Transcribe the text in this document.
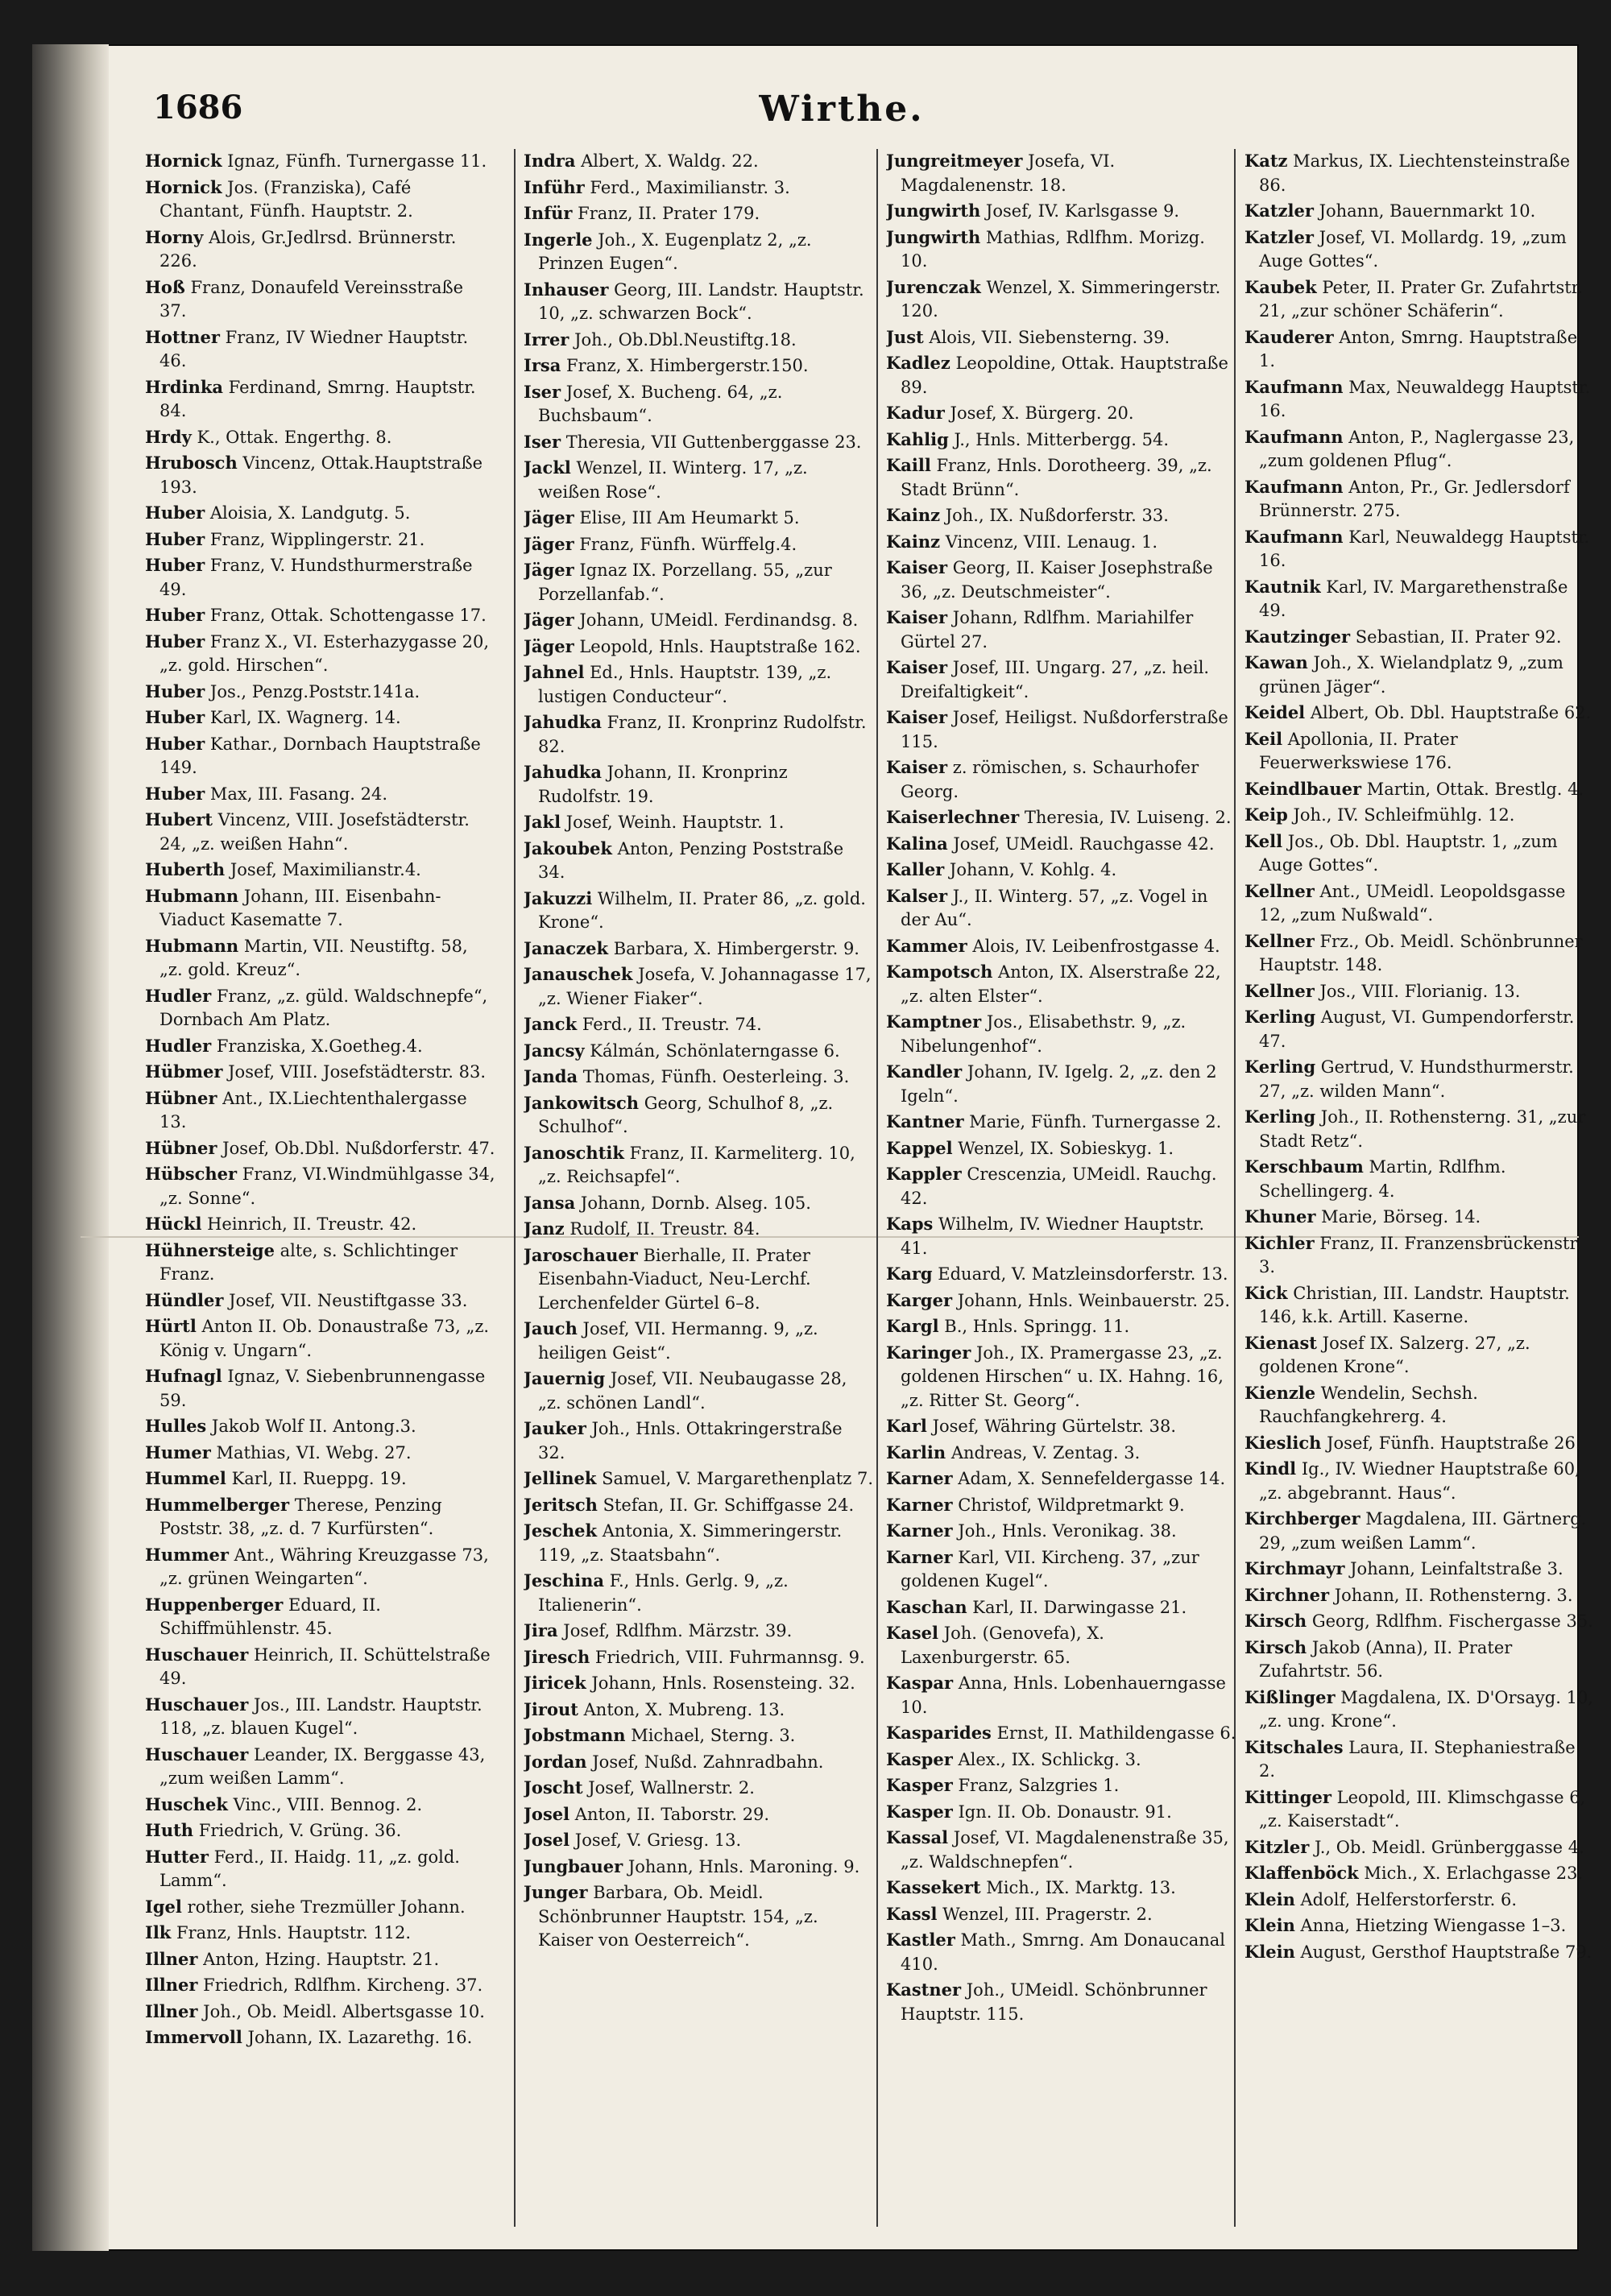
1686	Wirthe.
Hornick Ignaz, Fünfh. Turnergasse 11.
Hornick Jos. (Franziska), Café Chantant, Fünfh. Hauptstr. 2.
Horny Alois, Gr.Jedlrsd. Brünnerstr. 226.
Hoß Franz, Donaufeld Vereinsstraße 37.
Hottner Franz, IV Wiedner Hauptstr. 46.
Hrdinka Ferdinand, Smrng. Hauptstr. 84.
Hrdy K., Ottak. Engerthg. 8.
Hrubosch Vincenz, Ottak.Hauptstraße 193.
Huber Aloisia, X. Landgutg. 5.
Huber Franz, Wipplingerstr. 21.
Huber Franz, V. Hundsthurmerstraße 49.
Huber Franz, Ottak. Schottengasse 17.
Huber Franz X., VI. Esterhazygasse 20, „z. gold. Hirschen“.
Huber Jos., Penzg.Poststr.141a.
Huber Karl, IX. Wagnerg. 14.
Huber Kathar., Dornbach Hauptstraße 149.
Huber Max, III. Fasang. 24.
Hubert Vincenz, VIII. Josefstädterstr. 24, „z. weißen Hahn“.
Huberth Josef, Maximilianstr.4.
Hubmann Johann, III. Eisenbahn-Viaduct Kasematte 7.
Hubmann Martin, VII. Neustiftg. 58, „z. gold. Kreuz“.
Hudler Franz, „z. güld. Waldschnepfe“, Dornbach Am Platz.
Hudler Franziska, X.Goetheg.4.
Hübmer Josef, VIII. Josefstädterstr. 83.
Hübner Ant., IX.Liechtenthalergasse 13.
Hübner Josef, Ob.Dbl. Nußdorferstr. 47.
Hübscher Franz, VI.Windmühlgasse 34, „z. Sonne“.
Hückl Heinrich, II. Treustr. 42.
Hühnersteige alte, s. Schlichtinger Franz.
Hündler Josef, VII. Neustiftgasse 33.
Hürtl Anton II. Ob. Donaustraße 73, „z. König v. Ungarn“.
Hufnagl Ignaz, V. Siebenbrunnengasse 59.
Hulles Jakob Wolf II. Antong.3.
Humer Mathias, VI. Webg. 27.
Hummel Karl, II. Rueppg. 19.
Hummelberger Therese, Penzing Poststr. 38, „z. d. 7 Kurfürsten“.
Hummer Ant., Währing Kreuzgasse 73, „z. grünen Weingarten“.
Huppenberger Eduard, II. Schiffmühlenstr. 45.
Huschauer Heinrich, II. Schüttelstraße 49.
Huschauer Jos., III. Landstr. Hauptstr. 118, „z. blauen Kugel“.
Huschauer Leander, IX. Berggasse 43, „zum weißen Lamm“.
Huschek Vinc., VIII. Bennog. 2.
Huth Friedrich, V. Grüng. 36.
Hutter Ferd., II. Haidg. 11, „z. gold. Lamm“.
Igel rother, siehe Trezmüller Johann.
Ilk Franz, Hnls. Hauptstr. 112.
Illner Anton, Hzing. Hauptstr. 21.
Illner Friedrich, Rdlfhm. Kircheng. 37.
Illner Joh., Ob. Meidl. Albertsgasse 10.
Immervoll Johann, IX. Lazarethg. 16.
Indra Albert, X. Waldg. 22.
Inführ Ferd., Maximilianstr. 3.
Infür Franz, II. Prater 179.
Ingerle Joh., X. Eugenplatz 2, „z. Prinzen Eugen“.
Inhauser Georg, III. Landstr. Hauptstr. 10, „z. schwarzen Bock“.
Irrer Joh., Ob.Dbl.Neustiftg.18.
Irsa Franz, X. Himbergerstr.150.
Iser Josef, X. Bucheng. 64, „z. Buchsbaum“.
Iser Theresia, VII Guttenberggasse 23.
Jackl Wenzel, II. Winterg. 17, „z. weißen Rose“.
Jäger Elise, III Am Heumarkt 5.
Jäger Franz, Fünfh. Würffelg.4.
Jäger Ignaz IX. Porzellang. 55, „zur Porzellanfab.“.
Jäger Johann, UMeidl. Ferdinandsg. 8.
Jäger Leopold, Hnls. Hauptstraße 162.
Jahnel Ed., Hnls. Hauptstr. 139, „z. lustigen Conducteur“.
Jahudka Franz, II. Kronprinz Rudolfstr. 82.
Jahudka Johann, II. Kronprinz Rudolfstr. 19.
Jakl Josef, Weinh. Hauptstr. 1.
Jakoubek Anton, Penzing Poststraße 34.
Jakuzzi Wilhelm, II. Prater 86, „z. gold. Krone“.
Janaczek Barbara, X. Himbergerstr. 9.
Janauschek Josefa, V. Johannagasse 17, „z. Wiener Fiaker“.
Janck Ferd., II. Treustr. 74.
Jancsy Kálmán, Schönlaterngasse 6.
Janda Thomas, Fünfh. Oesterleing. 3.
Jankowitsch Georg, Schulhof 8, „z. Schulhof“.
Janoschtik Franz, II. Karmeliterg. 10, „z. Reichsapfel“.
Jansa Johann, Dornb. Alseg. 105.
Janz Rudolf, II. Treustr. 84.
Jaroschauer Bierhalle, II. Prater Eisenbahn-Viaduct, Neu-Lerchf. Lerchenfelder Gürtel 6–8.
Jauch Josef, VII. Hermanng. 9, „z. heiligen Geist“.
Jauernig Josef, VII. Neubaugasse 28, „z. schönen Landl“.
Jauker Joh., Hnls. Ottakringerstraße 32.
Jellinek Samuel, V. Margarethenplatz 7.
Jeritsch Stefan, II. Gr. Schiffgasse 24.
Jeschek Antonia, X. Simmeringerstr. 119, „z. Staatsbahn“.
Jeschina F., Hnls. Gerlg. 9, „z. Italienerin“.
Jira Josef, Rdlfhm. Märzstr. 39.
Jiresch Friedrich, VIII. Fuhrmannsg. 9.
Jiricek Johann, Hnls. Rosensteing. 32.
Jirout Anton, X. Mubreng. 13.
Jobstmann Michael, Sterng. 3.
Jordan Josef, Nußd. Zahnradbahn.
Joscht Josef, Wallnerstr. 2.
Josel Anton, II. Taborstr. 29.
Josel Josef, V. Griesg. 13.
Jungbauer Johann, Hnls. Maroning. 9.
Junger Barbara, Ob. Meidl. Schönbrunner Hauptstr. 154, „z. Kaiser von Oesterreich“.
Jungreitmeyer Josefa, VI. Magdalenenstr. 18.
Jungwirth Josef, IV. Karlsgasse 9.
Jungwirth Mathias, Rdlfhm. Morizg. 10.
Jurenczak Wenzel, X. Simmeringerstr. 120.
Just Alois, VII. Siebensterng. 39.
Kadlez Leopoldine, Ottak. Hauptstraße 89.
Kadur Josef, X. Bürgerg. 20.
Kahlig J., Hnls. Mitterbergg. 54.
Kaill Franz, Hnls. Dorotheerg. 39, „z. Stadt Brünn“.
Kainz Joh., IX. Nußdorferstr. 33.
Kainz Vincenz, VIII. Lenaug. 1.
Kaiser Georg, II. Kaiser Josephstraße 36, „z. Deutschmeister“.
Kaiser Johann, Rdlfhm. Mariahilfer Gürtel 27.
Kaiser Josef, III. Ungarg. 27, „z. heil. Dreifaltigkeit“.
Kaiser Josef, Heiligst. Nußdorferstraße 115.
Kaiser z. römischen, s. Schaurhofer Georg.
Kaiserlechner Theresia, IV. Luiseng. 2.
Kalina Josef, UMeidl. Rauchgasse 42.
Kaller Johann, V. Kohlg. 4.
Kalser J., II. Winterg. 57, „z. Vogel in der Au“.
Kammer Alois, IV. Leibenfrostgasse 4.
Kampotsch Anton, IX. Alserstraße 22, „z. alten Elster“.
Kamptner Jos., Elisabethstr. 9, „z. Nibelungenhof“.
Kandler Johann, IV. Igelg. 2, „z. den 2 Igeln“.
Kantner Marie, Fünfh. Turnergasse 2.
Kappel Wenzel, IX. Sobieskyg. 1.
Kappler Crescenzia, UMeidl. Rauchg. 42.
Kaps Wilhelm, IV. Wiedner Hauptstr. 41.
Karg Eduard, V. Matzleinsdorferstr. 13.
Karger Johann, Hnls. Weinbauerstr. 25.
Kargl B., Hnls. Springg. 11.
Karinger Joh., IX. Pramergasse 23, „z. goldenen Hirschen“ u. IX. Hahng. 16, „z. Ritter St. Georg“.
Karl Josef, Währing Gürtelstr. 38.
Karlin Andreas, V. Zentag. 3.
Karner Adam, X. Sennefeldergasse 14.
Karner Christof, Wildpretmarkt 9.
Karner Joh., Hnls. Veronikag. 38.
Karner Karl, VII. Kircheng. 37, „zur goldenen Kugel“.
Kaschan Karl, II. Darwingasse 21.
Kasel Joh. (Genovefa), X. Laxenburgerstr. 65.
Kaspar Anna, Hnls. Lobenhauerngasse 10.
Kasparides Ernst, II. Mathildengasse 6.
Kasper Alex., IX. Schlickg. 3.
Kasper Franz, Salzgries 1.
Kasper Ign. II. Ob. Donaustr. 91.
Kassal Josef, VI. Magdalenenstraße 35, „z. Waldschnepfen“.
Kassekert Mich., IX. Marktg. 13.
Kassl Wenzel, III. Pragerstr. 2.
Kastler Math., Smrng. Am Donaucanal 410.
Kastner Joh., UMeidl. Schönbrunner Hauptstr. 115.
Katz Markus, IX. Liechtensteinstraße 86.
Katzler Johann, Bauernmarkt 10.
Katzler Josef, VI. Mollardg. 19, „zum Auge Gottes“.
Kaubek Peter, II. Prater Gr. Zufahrtstr. 21, „zur schöner Schäferin“.
Kauderer Anton, Smrng. Hauptstraße 1.
Kaufmann Max, Neuwaldegg Hauptstr. 16.
Kaufmann Anton, P., Naglergasse 23, „zum goldenen Pflug“.
Kaufmann Anton, Pr., Gr. Jedlersdorf Brünnerstr. 275.
Kaufmann Karl, Neuwaldegg Hauptstr. 16.
Kautnik Karl, IV. Margarethenstraße 49.
Kautzinger Sebastian, II. Prater 92.
Kawan Joh., X. Wielandplatz 9, „zum grünen Jäger“.
Keidel Albert, Ob. Dbl. Hauptstraße 62.
Keil Apollonia, II. Prater Feuerwerkswiese 176.
Keindlbauer Martin, Ottak. Brestlg. 4.
Keip Joh., IV. Schleifmühlg. 12.
Kell Jos., Ob. Dbl. Hauptstr. 1, „zum Auge Gottes“.
Kellner Ant., UMeidl. Leopoldsgasse 12, „zum Nußwald“.
Kellner Frz., Ob. Meidl. Schönbrunner Hauptstr. 148.
Kellner Jos., VIII. Florianig. 13.
Kerling August, VI. Gumpendorferstr. 47.
Kerling Gertrud, V. Hundsthurmerstr. 27, „z. wilden Mann“.
Kerling Joh., II. Rothensterng. 31, „zur Stadt Retz“.
Kerschbaum Martin, Rdlfhm. Schellingerg. 4.
Khuner Marie, Börseg. 14.
Kichler Franz, II. Franzensbrückenstr. 3.
Kick Christian, III. Landstr. Hauptstr. 146, k.k. Artill. Kaserne.
Kienast Josef IX. Salzerg. 27, „z. goldenen Krone“.
Kienzle Wendelin, Sechsh. Rauchfangkehrerg. 4.
Kieslich Josef, Fünfh. Hauptstraße 26.
Kindl Ig., IV. Wiedner Hauptstraße 60, „z. abgebrannt. Haus“.
Kirchberger Magdalena, III. Gärtnerg. 29, „zum weißen Lamm“.
Kirchmayr Johann, Leinfaltstraße 3.
Kirchner Johann, II. Rothensterng. 3.
Kirsch Georg, Rdlfhm. Fischergasse 35.
Kirsch Jakob (Anna), II. Prater Zufahrtstr. 56.
Kißlinger Magdalena, IX. D'Orsayg. 10, „z. ung. Krone“.
Kitschales Laura, II. Stephaniestraße 2.
Kittinger Leopold, III. Klimschgasse 6, „z. Kaiserstadt“.
Kitzler J., Ob. Meidl. Grünberggasse 4.
Klaffenböck Mich., X. Erlachgasse 23.
Klein Adolf, Helferstorferstr. 6.
Klein Anna, Hietzing Wiengasse 1–3.
Klein August, Gersthof Hauptstraße 79.
